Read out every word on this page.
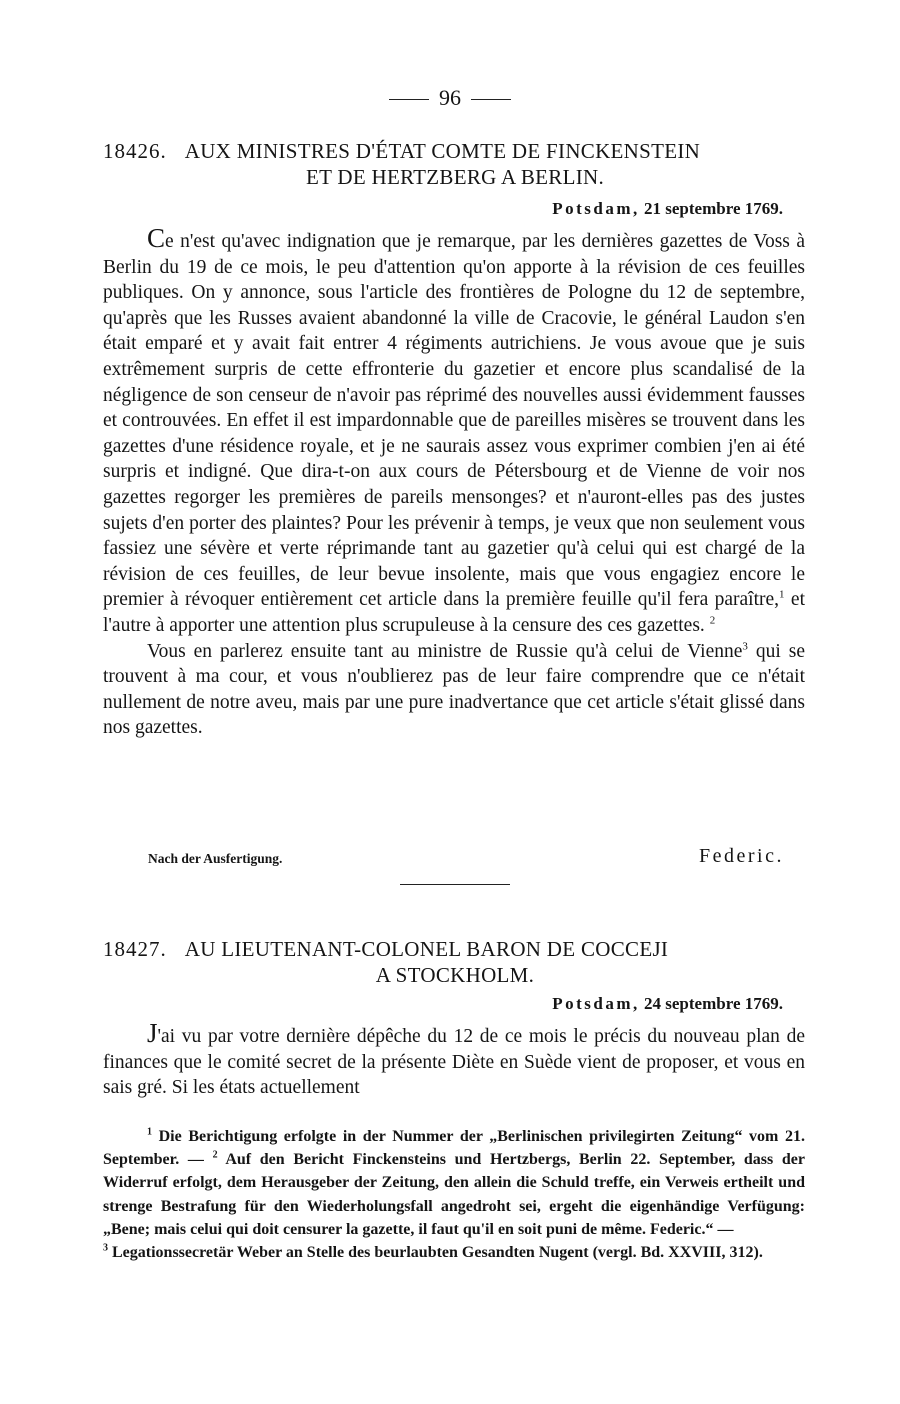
96
18426. AUX MINISTRES D'ÉTAT COMTE DE FINCKENSTEIN
ET DE HERTZBERG A BERLIN.
Potsdam, 21 septembre 1769.

Ce n'est qu'avec indignation que je remarque, par les dernières gazettes de Voss à Berlin du 19 de ce mois, le peu d'attention qu'on apporte à la révision de ces feuilles publiques. On y annonce, sous l'article des frontières de Pologne du 12 de septembre, qu'après que les Russes avaient abandonné la ville de Cracovie, le général Laudon s'en était emparé et y avait fait entrer 4 régiments autrichiens. Je vous avoue que je suis extrêmement surpris de cette effronterie du gazetier et encore plus scandalisé de la négligence de son censeur de n'avoir pas réprimé des nouvelles aussi évidemment fausses et controuvées. En effet il est impardonnable que de pareilles misères se trouvent dans les gazettes d'une résidence royale, et je ne saurais assez vous exprimer combien j'en ai été surpris et indigné. Que dira-t-on aux cours de Pétersbourg et de Vienne de voir nos gazettes regorger les premières de pareils mensonges? et n'auront-elles pas des justes sujets d'en porter des plaintes? Pour les prévenir à temps, je veux que non seulement vous fassiez une sévère et verte réprimande tant au gazetier qu'à celui qui est chargé de la révision de ces feuilles, de leur bevue insolente, mais que vous engagiez encore le premier à révoquer entièrement cet article dans la première feuille qu'il fera paraître,$^1$ et l'autre à apporter une attention plus scrupuleuse à la censure des ces gazettes. $^2$

Vous en parlerez ensuite tant au ministre de Russie qu'à celui de Vienne$^3$ qui se trouvent à ma cour, et vous n'oublierez pas de leur faire comprendre que ce n'était nullement de notre aveu, mais par une pure inadvertance que cet article s'était glissé dans nos gazettes.

Nach der Ausfertigung.	Federic.
18427. AU LIEUTENANT-COLONEL BARON DE COCCEJI
A STOCKHOLM.
Potsdam, 24 septembre 1769.

J'ai vu par votre dernière dépêche du 12 de ce mois le précis du nouveau plan de finances que le comité secret de la présente Diète en Suède vient de proposer, et vous en sais gré. Si les états actuellement

$^1$ Die Berichtigung erfolgte in der Nummer der „Berlinischen privilegirten Zeitung“ vom 21. September. — $^2$ Auf den Bericht Finckensteins und Hertzbergs, Berlin 22. September, dass der Widerruf erfolgt, dem Herausgeber der Zeitung, den allein die Schuld treffe, ein Verweis ertheilt und strenge Bestrafung für den Wiederholungsfall angedroht sei, ergeht die eigenhändige Verfügung: „Bene; mais celui qui doit censurer la gazette, il faut qu'il en soit puni de même. Federic.“ —
$^3$ Legationssecretär Weber an Stelle des beurlaubten Gesandten Nugent (vergl. Bd. XXVIII, 312).
